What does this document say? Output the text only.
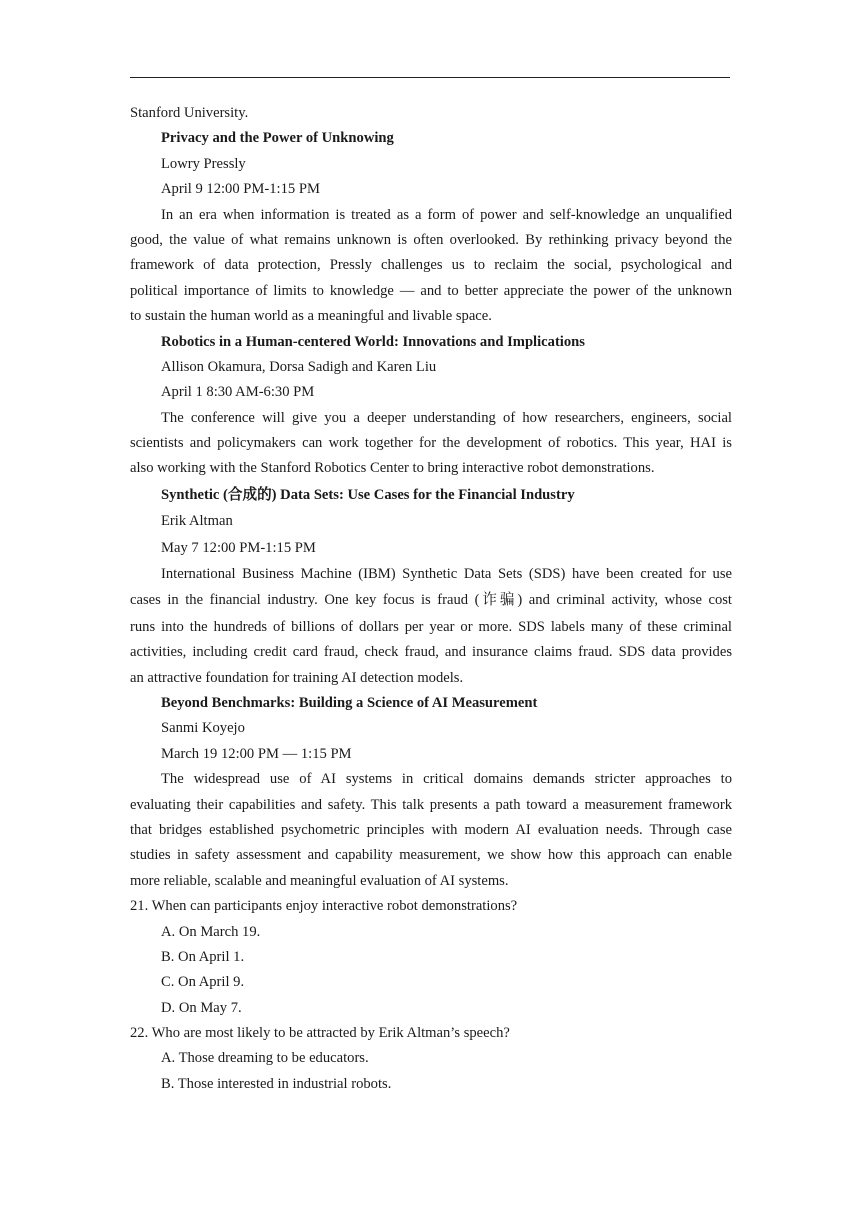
Stanford University.
Privacy and the Power of Unknowing
Lowry Pressly
April 9 12:00 PM-1:15 PM
In an era when information is treated as a form of power and self-knowledge an unqualified
good, the value of what remains unknown is often overlooked. By rethinking privacy beyond the
framework of data protection, Pressly challenges us to reclaim the social, psychological and
political importance of limits to knowledge — and to better appreciate the power of the unknown
to sustain the human world as a meaningful and livable space.
Robotics in a Human-centered World: Innovations and Implications
Allison Okamura, Dorsa Sadigh and Karen Liu
April 1 8:30 AM-6:30 PM
The conference will give you a deeper understanding of how researchers, engineers, social
scientists and policymakers can work together for the development of robotics. This year, HAI is
also working with the Stanford Robotics Center to bring interactive robot demonstrations.
Synthetic (合成的) Data Sets: Use Cases for the Financial Industry
Erik Altman
May 7 12:00 PM-1:15 PM
International Business Machine (IBM) Synthetic Data Sets (SDS) have been created for use
cases in the financial industry. One key focus is fraud (诈骗) and criminal activity, whose cost
runs into the hundreds of billions of dollars per year or more. SDS labels many of these criminal
activities, including credit card fraud, check fraud, and insurance claims fraud. SDS data provides
an attractive foundation for training AI detection models.
Beyond Benchmarks: Building a Science of AI Measurement
Sanmi Koyejo
March 19 12:00 PM — 1:15 PM
The widespread use of AI systems in critical domains demands stricter approaches to
evaluating their capabilities and safety. This talk presents a path toward a measurement framework
that bridges established psychometric principles with modern AI evaluation needs. Through case
studies in safety assessment and capability measurement, we show how this approach can enable
more reliable, scalable and meaningful evaluation of AI systems.
21. When can participants enjoy interactive robot demonstrations?
A. On March 19.
B. On April 1.
C. On April 9.
D. On May 7.
22. Who are most likely to be attracted by Erik Altman’s speech?
A. Those dreaming to be educators.
B. Those interested in industrial robots.
